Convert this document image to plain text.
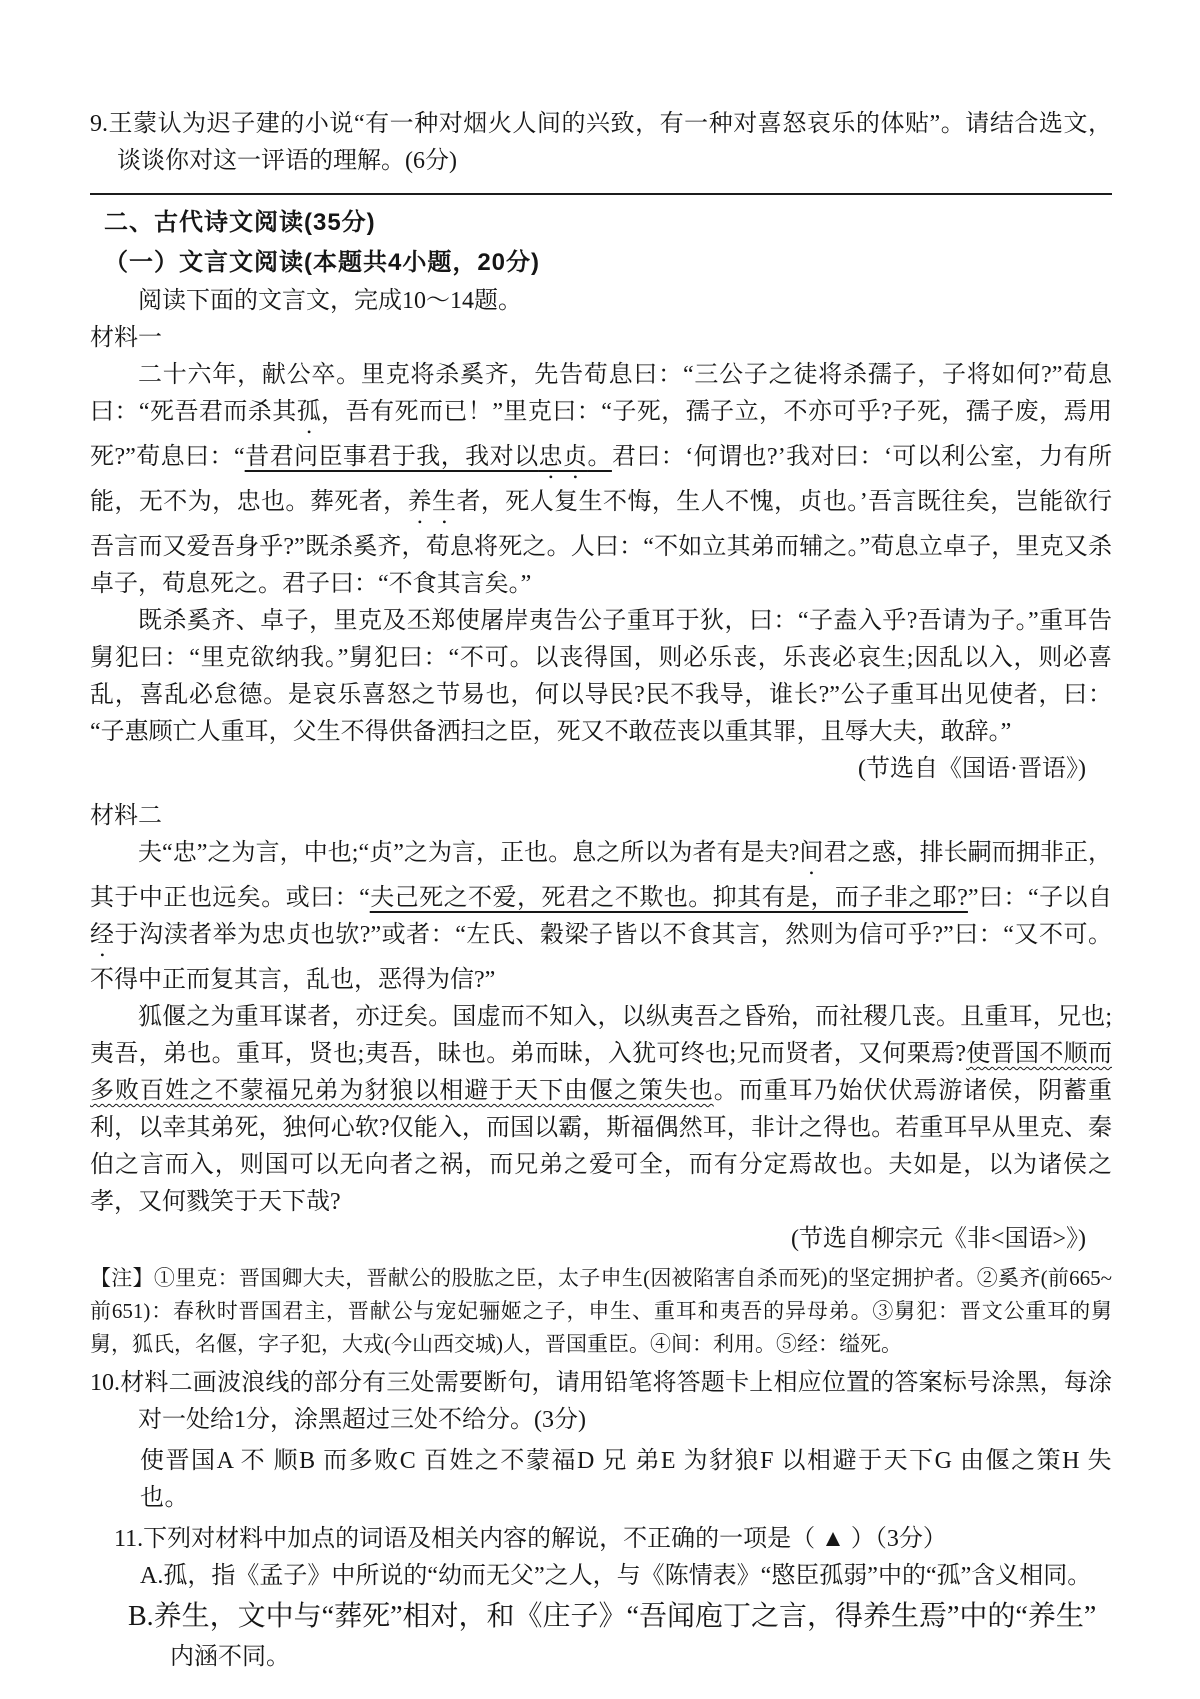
9.王蒙认为迟子建的小说“有一种对烟火人间的兴致，有一种对喜怒哀乐的体贴”。请结合选文，谈谈你对这一评语的理解。(6分)

二、古代诗文阅读(35分)
（一）文言文阅读(本题共4小题，20分)

阅读下面的文言文，完成10～14题。

材料一

二十六年，献公卒。里克将杀奚齐，先告荀息曰：“三公子之徒将杀孺子，子将如何?”荀息曰：“死吾君而杀其孤，吾有死而已！”里克曰：“子死，孺子立，不亦可乎?子死，孺子废，焉用死?”荀息曰：“昔君问臣事君于我，我对以忠贞。君曰：‘何谓也?’我对曰：‘可以利公室，力有所能，无不为，忠也。葬死者，养生者，死人复生不悔，生人不愧，贞也。’吾言既往矣，岂能欲行吾言而又爱吾身乎?”既杀奚齐，荀息将死之。人曰：“不如立其弟而辅之。”荀息立卓子，里克又杀卓子，荀息死之。君子曰：“不食其言矣。”

既杀奚齐、卓子，里克及丕郑使屠岸夷告公子重耳于狄，曰：“子盍入乎?吾请为子。”重耳告舅犯曰：“里克欲纳我。”舅犯曰：“不可。以丧得国，则必乐丧，乐丧必哀生;因乱以入，则必喜乱，喜乱必怠德。是哀乐喜怒之节易也，何以导民?民不我导，谁长?”公子重耳出见使者，曰：“子惠顾亡人重耳，父生不得供备洒扫之臣，死又不敢莅丧以重其罪，且辱大夫，敢辞。”

(节选自《国语·晋语》)

材料二

夫“忠”之为言，中也;“贞”之为言，正也。息之所以为者有是夫?间君之惑，排长嗣而拥非正，其于中正也远矣。或曰：“夫己死之不爱，死君之不欺也。抑其有是，而子非之耶?”曰：“子以自经于沟渎者举为忠贞也欤?”或者：“左氏、穀梁子皆以不食其言，然则为信可乎?”曰：“又不可。不得中正而复其言，乱也，恶得为信?”

狐偃之为重耳谋者，亦迂矣。国虚而不知入，以纵夷吾之昏殆，而社稷几丧。且重耳，兄也;夷吾，弟也。重耳，贤也;夷吾，昧也。弟而昧，入犹可终也;兄而贤者，又何栗焉?使晋国不顺而多败百姓之不蒙福兄弟为豺狼以相避于天下由偃之策失也。而重耳乃始伏伏焉游诸侯，阴蓄重利，以幸其弟死，独何心软?仅能入，而国以霸，斯福偶然耳，非计之得也。若重耳早从里克、秦伯之言而入，则国可以无向者之祸，而兄弟之爱可全，而有分定焉故也。夫如是，以为诸侯之孝，又何戮笑于天下哉?

(节选自柳宗元《非<国语>》)

【注】①里克：晋国卿大夫，晋献公的股肱之臣，太子申生(因被陷害自杀而死)的坚定拥护者。②奚齐(前665~前651)：春秋时晋国君主，晋献公与宠妃骊姬之子，申生、重耳和夷吾的异母弟。③舅犯：晋文公重耳的舅舅，狐氏，名偃，字子犯，大戎(今山西交城)人，晋国重臣。④间：利用。⑤经：缢死。

10.材料二画波浪线的部分有三处需要断句，请用铅笔将答题卡上相应位置的答案标号涂黑，每涂对一处给1分，涂黑超过三处不给分。(3分)

使晋国A 不 顺B 而多败C 百姓之不蒙福D 兄 弟E 为豺狼F 以相避于天下G 由偃之策H 失也。

11.下列对材料中加点的词语及相关内容的解说，不正确的一项是（ ▲ ）（3分）

A.孤，指《孟子》中所说的“幼而无父”之人，与《陈情表》“愍臣孤弱”中的“孤”含义相同。

B.养生，文中与“葬死”相对，和《庄子》“吾闻庖丁之言，得养生焉”中的“养生”

内涵不同。
